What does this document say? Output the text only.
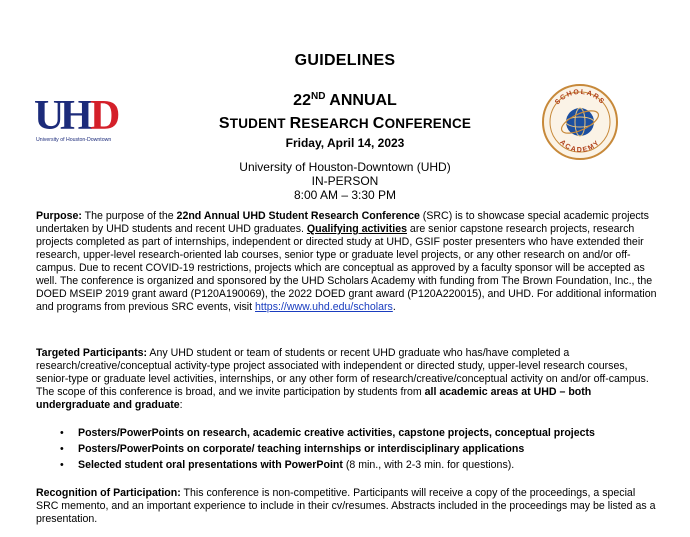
GUIDELINES
U
H
D
University of Houston-Downtown
SCHOLARS
ACADEMY
22ND ANNUAL
STUDENT RESEARCH CONFERENCE
Friday, April 14, 2023
University of Houston-Downtown (UHD)
IN-PERSON
8:00 AM – 3:30 PM

Purpose: The purpose of the 22nd Annual UHD Student Research Conference (SRC) is to showcase special academic projects undertaken by UHD students and recent UHD graduates. Qualifying activities are senior capstone research projects, research projects completed as part of internships, independent or directed study at UHD, GSIF poster presenters who have extended their research, upper-level research-oriented lab courses, senior type or graduate level projects, or any other research on and/or off-campus. Due to recent COVID-19 restrictions, projects which are conceptual as approved by a faculty sponsor will be accepted as well. The conference is organized and sponsored by the UHD Scholars Academy with funding from The Brown Foundation, Inc., the DOED MSEIP 2019 grant award (P120A190069), the 2022 DOED grant award (P120A220015), and UHD. For additional information and programs from previous SRC events, visit https://www.uhd.edu/scholars.

Targeted Participants: Any UHD student or team of students or recent UHD graduate who has/have completed a research/creative/conceptual activity-type project associated with independent or directed study, upper-level research courses, senior-type or graduate level activities, internships, or any other form of research/creative/conceptual activity on and/or off-campus. The scope of this conference is broad, and we invite participation by students from all academic areas at UHD – both undergraduate and graduate:

• Posters/PowerPoints on research, academic creative activities, capstone projects, conceptual projects
• Posters/PowerPoints on corporate/ teaching internships or interdisciplinary applications
• Selected student oral presentations with PowerPoint (8 min., with 2-3 min. for questions).

Recognition of Participation: This conference is non-competitive. Participants will receive a copy of the proceedings, a special SRC memento, and an important experience to include in their cv/resumes. Abstracts included in the proceedings may be listed as a presentation.
